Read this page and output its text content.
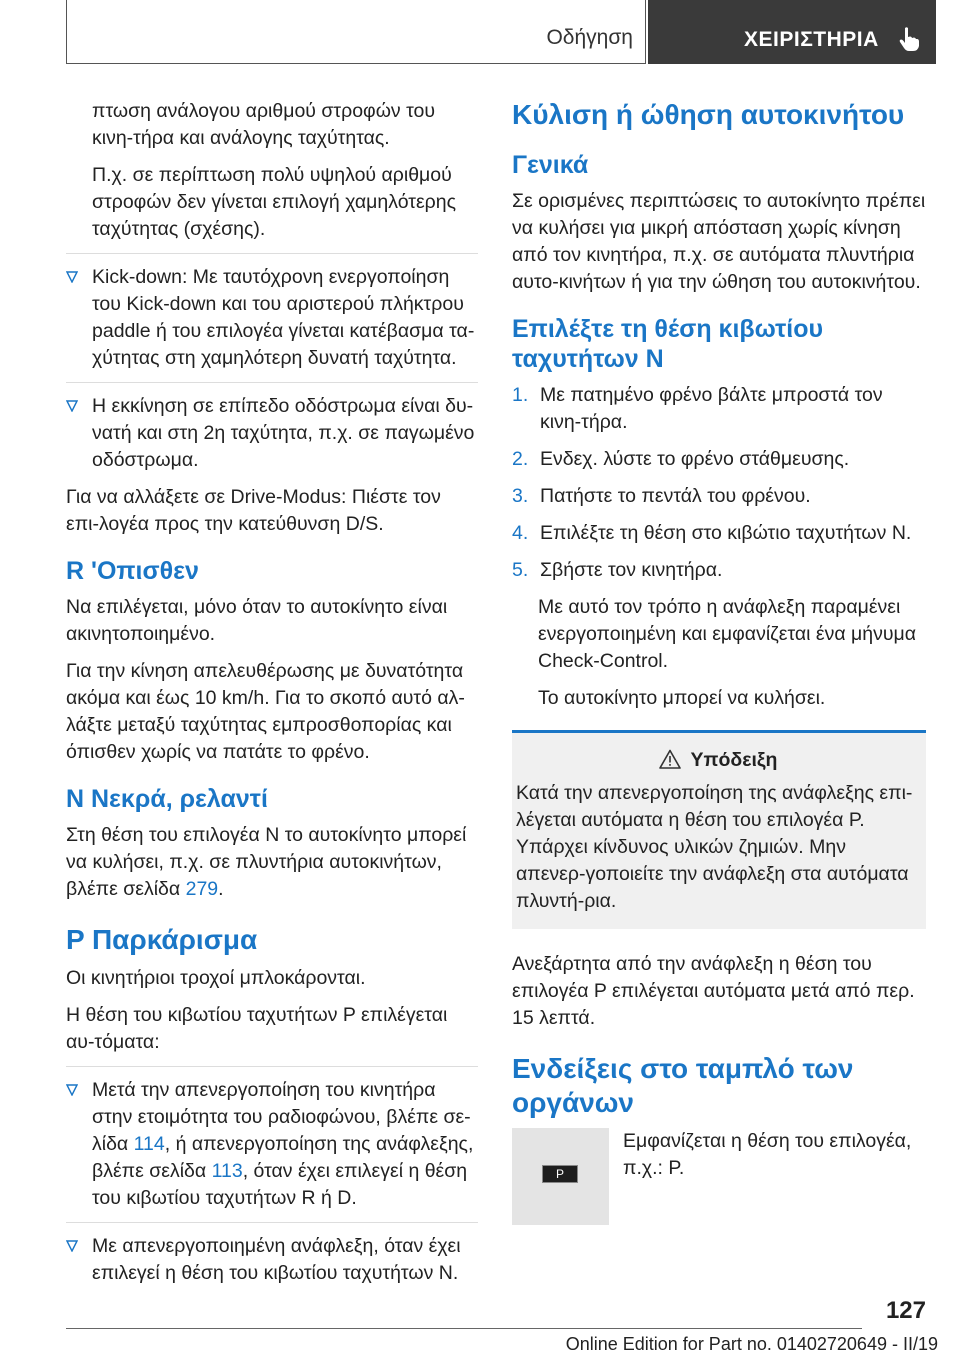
Οδήγηση	ΧΕΙΡΙΣΤΗΡΙΑ

πτωση ανάλογου αριθμού στροφών του κινη-τήρα και ανάλογης ταχύτητας.

Π.χ. σε περίπτωση πολύ υψηλού αριθμού στροφών δεν γίνεται επιλογή χαμηλότερης ταχύτητας (σχέσης).

Kick-down: Με ταυτόχρονη ενεργοποίηση του Kick-down και του αριστερού πλήκτρου paddle ή του επιλογέα γίνεται κατέβασμα τα-χύτητας στη χαμηλότερη δυνατή ταχύτητα.
Η εκκίνηση σε επίπεδο οδόστρωμα είναι δυ-νατή και στη 2η ταχύτητα, π.χ. σε παγωμένο οδόστρωμα.

Για να αλλάξετε σε Drive-Modus: Πιέστε τον επι-λογέα προς την κατεύθυνση D/S.

R 'Οπισθεν

Να επιλέγεται, μόνο όταν το αυτοκίνητο είναι ακινητοποιημένο.

Για την κίνηση απελευθέρωσης με δυνατότητα ακόμα και έως 10 km/h. Για το σκοπό αυτό αλ-λάξτε μεταξύ ταχύτητας εμπροσθοπορίας και όπισθεν χωρίς να πατάτε το φρένο.

N Νεκρά, ρελαντί

Στη θέση του επιλογέα N το αυτοκίνητο μπορεί να κυλήσει, π.χ. σε πλυντήρια αυτοκινήτων, βλέπε σελίδα 279.

P Παρκάρισμα

Οι κινητήριοι τροχοί μπλοκάρονται.

Η θέση του κιβωτίου ταχυτήτων P επιλέγεται αυ-τόματα:

Μετά την απενεργοποίηση του κινητήρα στην ετοιμότητα του ραδιοφώνου, βλέπε σε-λίδα 114, ή απενεργοποίηση της ανάφλεξης, βλέπε σελίδα 113, όταν έχει επιλεγεί η θέση του κιβωτίου ταχυτήτων R ή D.
Με απενεργοποιημένη ανάφλεξη, όταν έχει επιλεγεί η θέση του κιβωτίου ταχυτήτων N.
Κύλιση ή ώθηση αυτοκινήτου
Γενικά

Σε ορισμένες περιπτώσεις το αυτοκίνητο πρέπει να κυλήσει για μικρή απόσταση χωρίς κίνηση από τον κινητήρα, π.χ. σε αυτόματα πλυντήρια αυτο-κινήτων ή για την ώθηση του αυτοκινήτου.

Επιλέξτε τη θέση κιβωτίου ταχυτήτων N
1. Με πατημένο φρένο βάλτε μπροστά τον κινη-τήρα.
2. Ενδεχ. λύστε το φρένο στάθμευσης.
3. Πατήστε το πεντάλ του φρένου.
4. Επιλέξτε τη θέση στο κιβώτιο ταχυτήτων N.
5. Σβήστε τον κινητήρα.

Με αυτό τον τρόπο η ανάφλεξη παραμένει ενεργοποιημένη και εμφανίζεται ένα μήνυμα Check-Control.

Το αυτοκίνητο μπορεί να κυλήσει.

Υπόδειξη
Κατά την απενεργοποίηση της ανάφλεξης επι-λέγεται αυτόματα η θέση του επιλογέα P. Υπάρχει κίνδυνος υλικών ζημιών. Μην απενερ-γοποιείτε την ανάφλεξη στα αυτόματα πλυντή-ρια.

Ανεξάρτητα από την ανάφλεξη η θέση του επιλογέα P επιλέγεται αυτόματα μετά από περ. 15 λεπτά.

Ενδείξεις στο ταμπλό των οργάνων
P
Εμφανίζεται η θέση του επιλογέα, π.χ.: P.
127
Online Edition for Part no. 01402720649 - II/19
